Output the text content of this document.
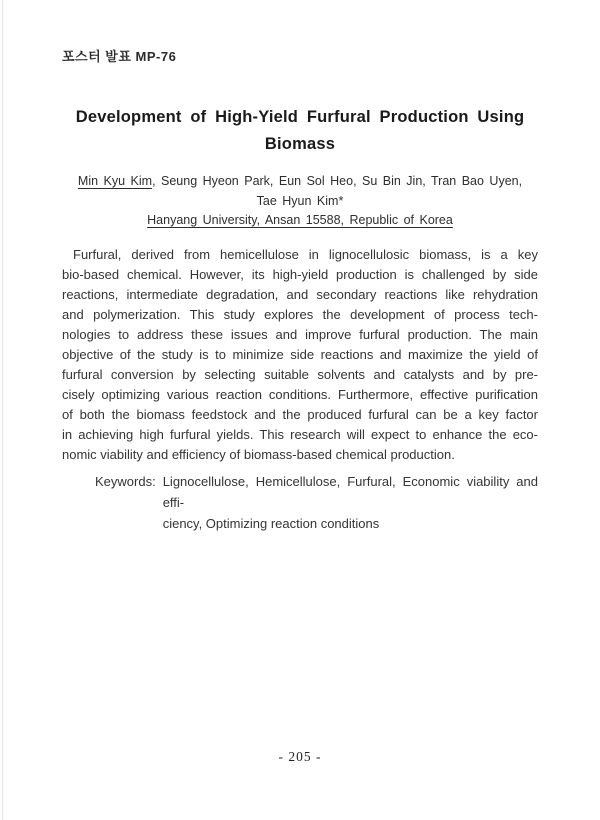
포스터 발표 MP-76
Development of High-Yield Furfural Production Using
Biomass
Min Kyu Kim, Seung Hyeon Park, Eun Sol Heo, Su Bin Jin, Tran Bao Uyen,
Tae Hyun Kim*
Hanyang University, Ansan 15588, Republic of Korea
Furfural, derived from hemicellulose in lignocellulosic biomass, is a key
bio-based chemical. However, its high-yield production is challenged by side
reactions, intermediate degradation, and secondary reactions like rehydration
and polymerization. This study explores the development of process tech-
nologies to address these issues and improve furfural production. The main
objective of the study is to minimize side reactions and maximize the yield of
furfural conversion by selecting suitable solvents and catalysts and by pre-
cisely optimizing various reaction conditions. Furthermore, effective purification
of both the biomass feedstock and the produced furfural can be a key factor
in achieving high furfural yields. This research will expect to enhance the eco-
nomic viability and efficiency of biomass-based chemical production.
Keywords: Lignocellulose, Hemicellulose, Furfural, Economic viability and effi-
ciency, Optimizing reaction conditions
- 205 -
